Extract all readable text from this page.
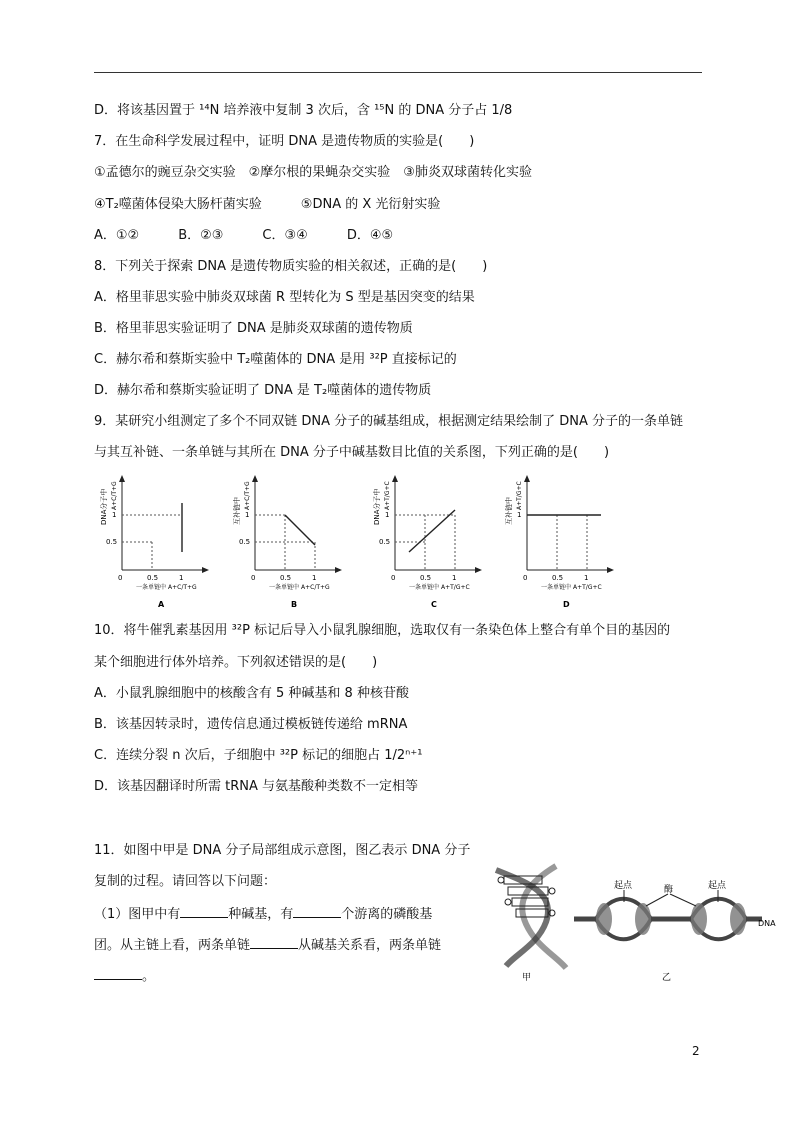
D．将该基因置于 ¹⁴N 培养液中复制 3 次后，含 ¹⁵N 的 DNA 分子占 1/8
7．在生命科学发展过程中，证明 DNA 是遗传物质的实验是(　　)
①孟德尔的豌豆杂交实验　②摩尔根的果蝇杂交实验　③肺炎双球菌转化实验
④T₂噬菌体侵染大肠杆菌实验　　　⑤DNA 的 X 光衍射实验
A．①②　　　B．②③　　　C．③④　　　D．④⑤
8．下列关于探索 DNA 是遗传物质实验的相关叙述，正确的是(　　)
A．格里菲思实验中肺炎双球菌 R 型转化为 S 型是基因突变的结果
B．格里菲思实验证明了 DNA 是肺炎双球菌的遗传物质
C．赫尔希和蔡斯实验中 T₂噬菌体的 DNA 是用 ³²P 直接标记的
D．赫尔希和蔡斯实验证明了 DNA 是 T₂噬菌体的遗传物质
9．某研究小组测定了多个不同双链 DNA 分子的碱基组成，根据测定结果绘制了 DNA 分子的一条单链
与其互补链、一条单链与其所在 DNA 分子中碱基数目比值的关系图，下列正确的是(　　)
DNA分子中 A+C/T+G
1
0.5
0	0.5	1
一条单链中 A+C/T+G
A
互补链中
A+C/T+G
1
0.5
0	0.5	1
一条单链中 A+C/T+G
B
DNA分子中 A+T/G+C
1
0.5
0	0.5	1
一条单链中 A+T/G+C
C
互补链中
A+T/G+C
1
0	0.5	1
一条单链中 A+T/G+C
D
10．将牛催乳素基因用 ³²P 标记后导入小鼠乳腺细胞，选取仅有一条染色体上整合有单个目的基因的
某个细胞进行体外培养。下列叙述错误的是(　　)
A．小鼠乳腺细胞中的核酸含有 5 种碱基和 8 种核苷酸
B．该基因转录时，遗传信息通过模板链传递给 mRNA
C．连续分裂 n 次后，子细胞中 ³²P 标记的细胞占 1/2ⁿ⁺¹
D．该基因翻译时所需 tRNA 与氨基酸种类数不一定相等
11．如图中甲是 DNA 分子局部组成示意图，图乙表示 DNA 分子
复制的过程。请回答以下问题：
（1）图甲中有	种碱基，有	个游离的磷酸基
团。从主链上看，两条单链	从碱基关系看，两条单链
。	甲
起点	起点
酶
DNA
乙
2
